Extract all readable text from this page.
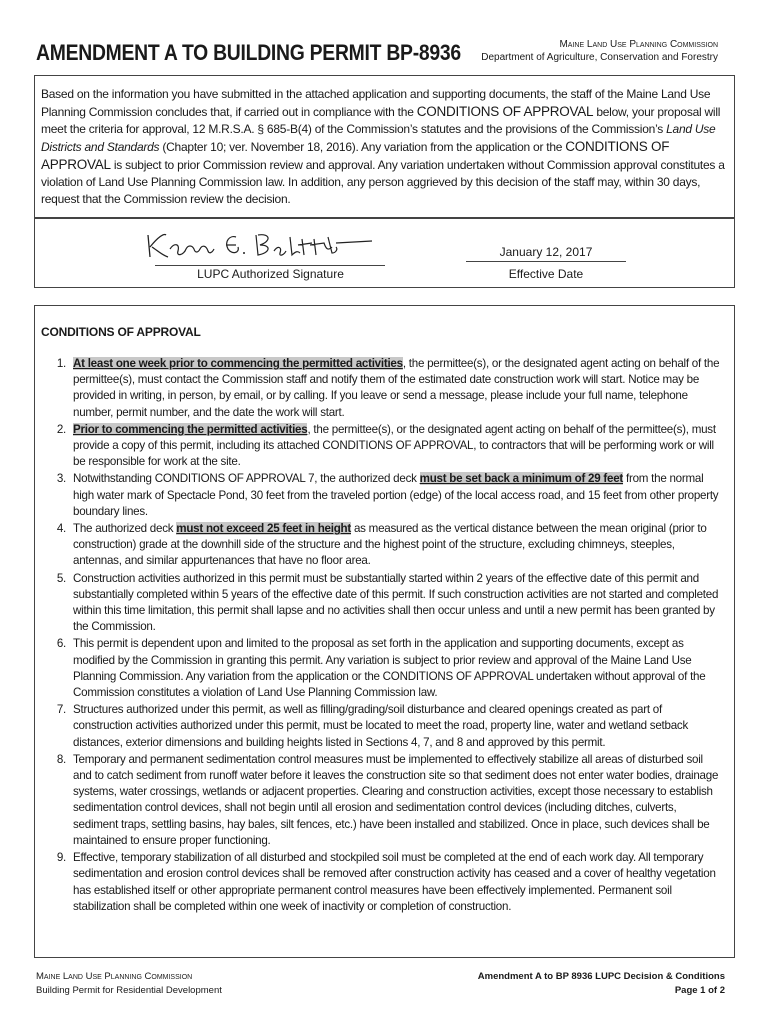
AMENDMENT A TO BUILDING PERMIT BP-8936	Maine Land Use Planning Commission
Department of Agriculture, Conservation and Forestry

Based on the information you have submitted in the attached application and supporting documents, the staff of the Maine Land Use Planning Commission concludes that, if carried out in compliance with the CONDITIONS OF APPROVAL below, your proposal will meet the criteria for approval, 12 M.R.S.A. § 685-B(4) of the Commission’s statutes and the provisions of the Commission’s Land Use Districts and Standards (Chapter 10; ver. November 18, 2016). Any variation from the application or the CONDITIONS OF APPROVAL is subject to prior Commission review and approval. Any variation undertaken without Commission approval constitutes a violation of Land Use Planning Commission law. In addition, any person aggrieved by this decision of the staff may, within 30 days, request that the Commission review the decision.

LUPC Authorized Signature
January 12, 2017
Effective Date
CONDITIONS OF APPROVAL
1. At least one week prior to commencing the permitted activities, the permittee(s), or the designated agent acting on behalf of the permittee(s), must contact the Commission staff and notify them of the estimated date construction work will start. Notice may be provided in writing, in person, by email, or by calling. If you leave or send a message, please include your full name, telephone number, permit number, and the date the work will start.
2. Prior to commencing the permitted activities, the permittee(s), or the designated agent acting on behalf of the permittee(s), must provide a copy of this permit, including its attached CONDITIONS OF APPROVAL, to contractors that will be performing work or will be responsible for work at the site.
3. Notwithstanding CONDITIONS OF APPROVAL 7, the authorized deck must be set back a minimum of 29 feet from the normal high water mark of Spectacle Pond, 30 feet from the traveled portion (edge) of the local access road, and 15 feet from other property boundary lines.
4. The authorized deck must not exceed 25 feet in height as measured as the vertical distance between the mean original (prior to construction) grade at the downhill side of the structure and the highest point of the structure, excluding chimneys, steeples, antennas, and similar appurtenances that have no floor area.
5. Construction activities authorized in this permit must be substantially started within 2 years of the effective date of this permit and substantially completed within 5 years of the effective date of this permit. If such construction activities are not started and completed within this time limitation, this permit shall lapse and no activities shall then occur unless and until a new permit has been granted by the Commission.
6. This permit is dependent upon and limited to the proposal as set forth in the application and supporting documents, except as modified by the Commission in granting this permit. Any variation is subject to prior review and approval of the Maine Land Use Planning Commission. Any variation from the application or the CONDITIONS OF APPROVAL undertaken without approval of the Commission constitutes a violation of Land Use Planning Commission law.
7. Structures authorized under this permit, as well as filling/grading/soil disturbance and cleared openings created as part of construction activities authorized under this permit, must be located to meet the road, property line, water and wetland setback distances, exterior dimensions and building heights listed in Sections 4, 7, and 8 and approved by this permit.
8. Temporary and permanent sedimentation control measures must be implemented to effectively stabilize all areas of disturbed soil and to catch sediment from runoff water before it leaves the construction site so that sediment does not enter water bodies, drainage systems, water crossings, wetlands or adjacent properties. Clearing and construction activities, except those necessary to establish sedimentation control devices, shall not begin until all erosion and sedimentation control devices (including ditches, culverts, sediment traps, settling basins, hay bales, silt fences, etc.) have been installed and stabilized. Once in place, such devices shall be maintained to ensure proper functioning.
9. Effective, temporary stabilization of all disturbed and stockpiled soil must be completed at the end of each work day. All temporary sedimentation and erosion control devices shall be removed after construction activity has ceased and a cover of healthy vegetation has established itself or other appropriate permanent control measures have been effectively implemented. Permanent soil stabilization shall be completed within one week of inactivity or completion of construction.
Maine Land Use Planning Commission
Building Permit for Residential Development
Amendment A to BP 8936 LUPC Decision & Conditions
Page 1 of 2
